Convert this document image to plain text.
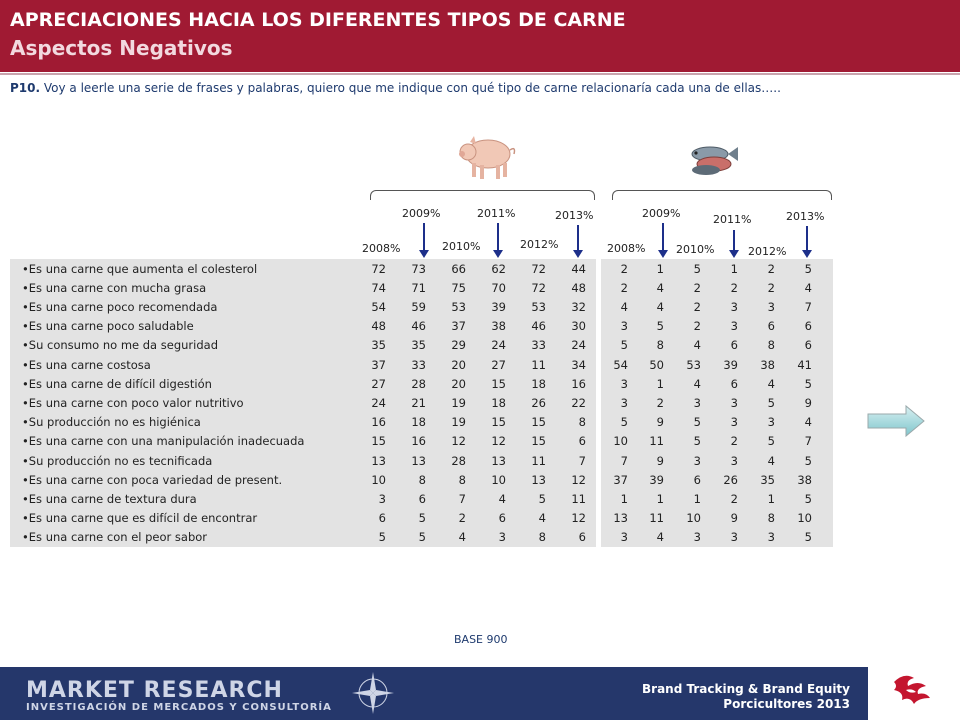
APRECIACIONES HACIA LOS DIFERENTES TIPOS DE CARNE
Aspectos Negativos
P10. Voy a leerle una serie de frases y palabras, quiero que me indique con qué tipo de carne relacionaría cada una de ellas…..
2008%
2009%
2010%
2011%
2012%
2013%
2008%
2009%
2010%
2011%
2012%
2013%
•Es una carne que aumenta el colesterol	72	73	66	62	72	44	2	1	5	1	2	5
•Es una carne con mucha grasa	74	71	75	70	72	48	2	4	2	2	2	4
•Es una carne poco recomendada	54	59	53	39	53	32	4	4	2	3	3	7
•Es una carne poco saludable	48	46	37	38	46	30	3	5	2	3	6	6
•Su consumo no me da seguridad	35	35	29	24	33	24	5	8	4	6	8	6
•Es una carne costosa	37	33	20	27	11	34	54	50	53	39	38	41
•Es una carne de difícil digestión	27	28	20	15	18	16	3	1	4	6	4	5
•Es una carne con poco valor nutritivo	24	21	19	18	26	22	3	2	3	3	5	9
•Su producción no es higiénica	16	18	19	15	15	8	5	9	5	3	3	4
•Es una carne con una manipulación inadecuada	15	16	12	12	15	6	10	11	5	2	5	7
•Su producción no es tecnificada	13	13	28	13	11	7	7	9	3	3	4	5
•Es una carne con poca variedad de present.	10	8	8	10	13	12	37	39	6	26	35	38
•Es una carne de textura dura	3	6	7	4	5	11	1	1	1	2	1	5
•Es una carne que es difícil de encontrar	6	5	2	6	4	12	13	11	10	9	8	10
•Es una carne con el peor sabor	5	5	4	3	8	6	3	4	3	3	3	5
BASE 900
MARKET RESEARCH
INVESTIGACIÓN DE MERCADOS Y CONSULTORÍA
Brand Tracking & Brand Equity
Porcicultores 2013
